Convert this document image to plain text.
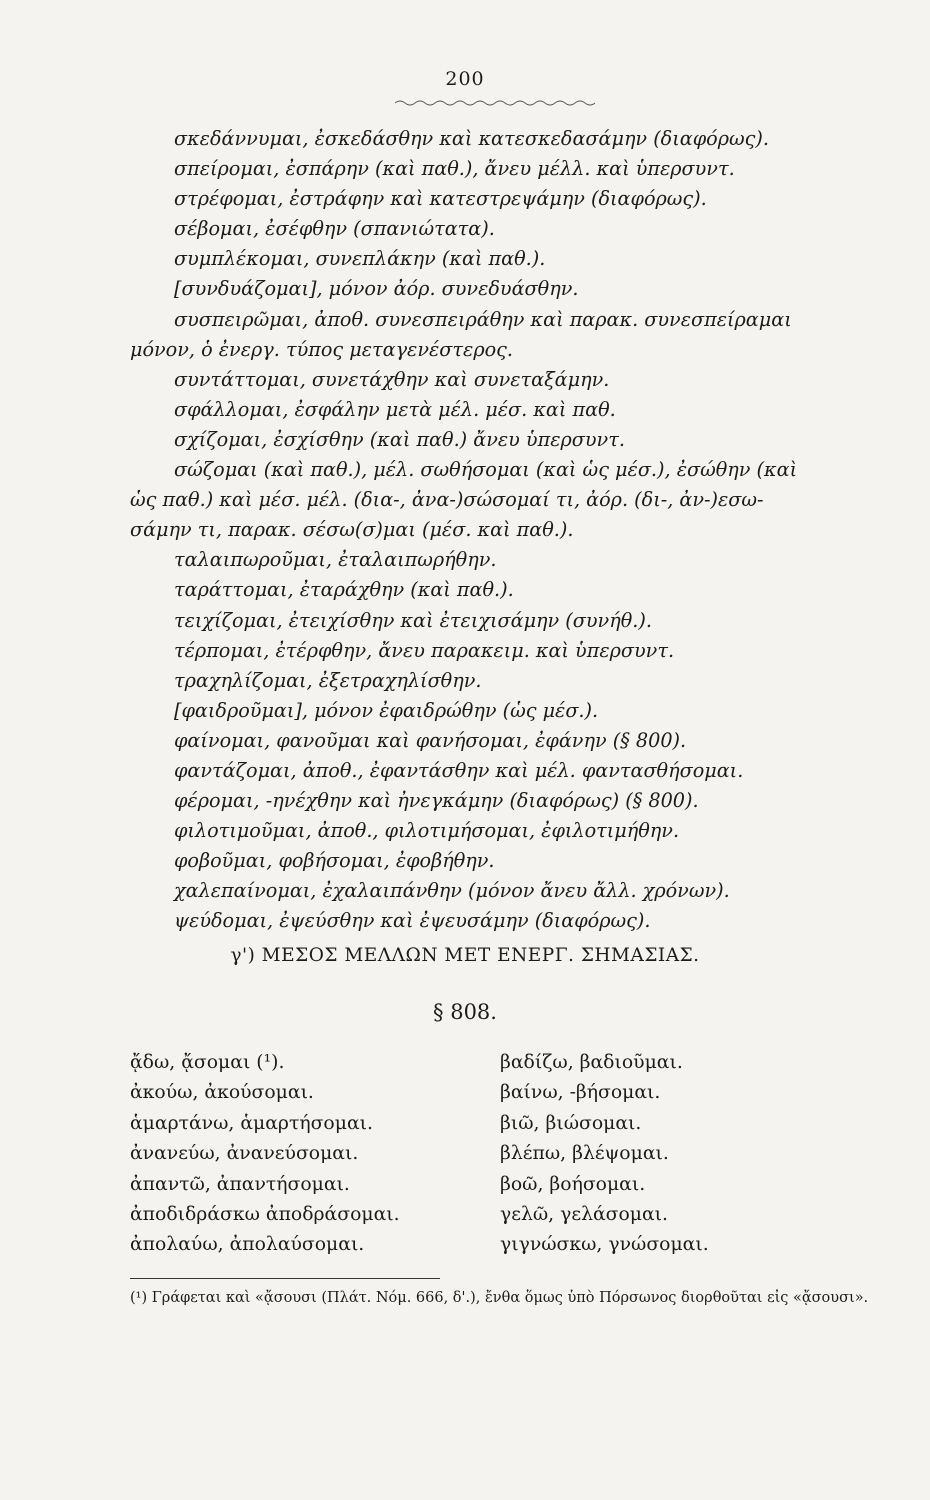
200
σκεδάννυμαι, ἐσκεδάσθην καὶ κατεσκεδασάμην (διαφόρως).
σπείρομαι, ἐσπάρην (καὶ παθ.), ἄνευ μέλλ. καὶ ὑπερσυντ.
στρέφομαι, ἐστράφην καὶ κατεστρεψάμην (διαφόρως).
σέβομαι, ἐσέφθην (σπανιώτατα).
συμπλέκομαι, συνεπλάκην (καὶ παθ.).
[συνδυάζομαι], μόνον ἀόρ. συνεδυάσθην.
συσπειρῶμαι, ἀποθ. συνεσπειράθην καὶ παρακ. συνεσπείραμαι
μόνον, ὁ ἐνεργ. τύπος μεταγενέστερος.
συντάττομαι, συνετάχθην καὶ συνεταξάμην.
σφάλλομαι, ἐσφάλην μετὰ μέλ. μέσ. καὶ παθ.
σχίζομαι, ἐσχίσθην (καὶ παθ.) ἄνευ ὑπερσυντ.
σώζομαι (καὶ παθ.), μέλ. σωθήσομαι (καὶ ὡς μέσ.), ἐσώθην (καὶ
ὡς παθ.) καὶ μέσ. μέλ. (δια-, ἀνα-)σώσομαί τι, ἀόρ. (δι-, ἀν-)εσω-
σάμην τι, παρακ. σέσω(σ)μαι (μέσ. καὶ παθ.).
ταλαιπωροῦμαι, ἐταλαιπωρήθην.
ταράττομαι, ἐταράχθην (καὶ παθ.).
τειχίζομαι, ἐτειχίσθην καὶ ἐτειχισάμην (συνήθ.).
τέρπομαι, ἐτέρφθην, ἄνευ παρακειμ. καὶ ὑπερσυντ.
τραχηλίζομαι, ἐξετραχηλίσθην.
[φαιδροῦμαι], μόνον ἐφαιδρώθην (ὡς μέσ.).
φαίνομαι, φανοῦμαι καὶ φανήσομαι, ἐφάνην (§ 800).
φαντάζομαι, ἀποθ., ἐφαντάσθην καὶ μέλ. φαντασθήσομαι.
φέρομαι, -ηνέχθην καὶ ἠνεγκάμην (διαφόρως) (§ 800).
φιλοτιμοῦμαι, ἀποθ., φιλοτιμήσομαι, ἐφιλοτιμήθην.
φοβοῦμαι, φοβήσομαι, ἐφοβήθην.
χαλεπαίνομαι, ἐχαλαιπάνθην (μόνον ἄνευ ἄλλ. χρόνων).
ψεύδομαι, ἐψεύσθην καὶ ἐψευσάμην (διαφόρως).
γ') ΜΕΣΟΣ ΜΕΛΛΩΝ ΜΕΤ ΕΝΕΡΓ. ΣΗΜΑΣΙΑΣ.
§ 808.
ᾄδω, ᾄσομαι (¹).
ἀκούω, ἀκούσομαι.
ἁμαρτάνω, ἁμαρτήσομαι.
ἀνανεύω, ἀνανεύσομαι.
ἀπαντῶ, ἀπαντήσομαι.
ἀποδιδράσκω ἀποδράσομαι.
ἀπολαύω, ἀπολαύσομαι.
βαδίζω, βαδιοῦμαι.
βαίνω, -βήσομαι.
βιῶ, βιώσομαι.
βλέπω, βλέψομαι.
βοῶ, βοήσομαι.
γελῶ, γελάσομαι.
γιγνώσκω, γνώσομαι.
(¹) Γράφεται καὶ «ᾄσουσι (Πλάτ. Νόμ. 666, δ'.), ἔνθα ὅμως ὑπὸ Πόρσωνος διορθοῦται εἰς «ᾄσουσι».
